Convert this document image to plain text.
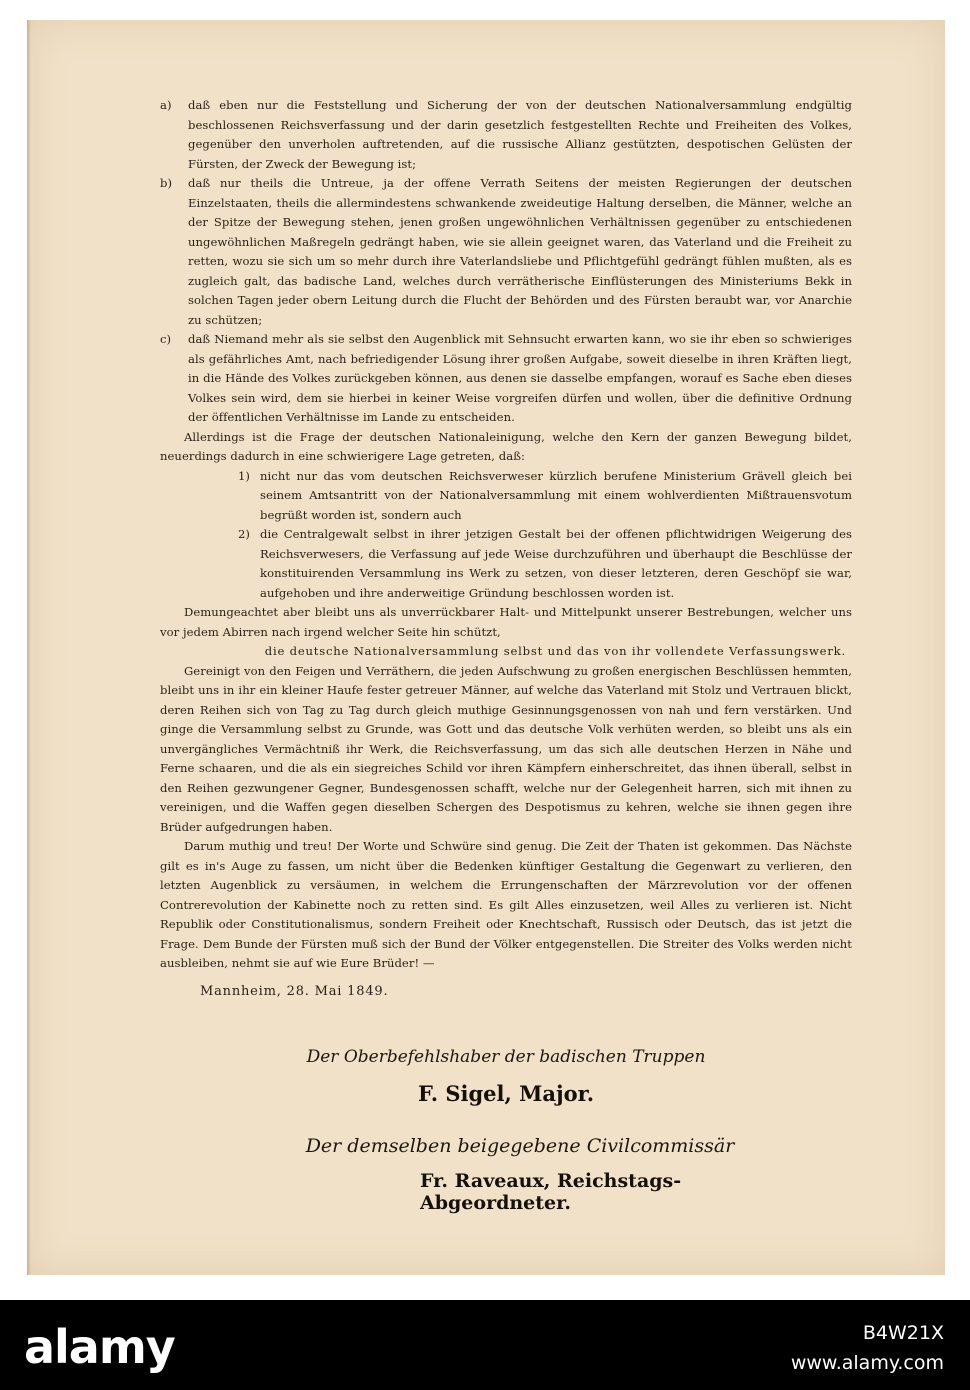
a) daß eben nur die Feststellung und Sicherung der von der deutschen Nationalversammlung endgültig beschlossenen Reichsverfassung und der darin gesetzlich festgestellten Rechte und Freiheiten des Volkes, gegenüber den unverholen auftretenden, auf die russische Allianz gestützten, despotischen Gelüsten der Fürsten, der Zweck der Bewegung ist;

b) daß nur theils die Untreue, ja der offene Verrath Seitens der meisten Regierungen der deutschen Einzelstaaten, theils die allermindestens schwankende zweideutige Haltung derselben, die Männer, welche an der Spitze der Bewegung stehen, jenen großen ungewöhnlichen Verhältnissen gegenüber zu entschiedenen ungewöhnlichen Maßregeln gedrängt haben, wie sie allein geeignet waren, das Vaterland und die Freiheit zu retten, wozu sie sich um so mehr durch ihre Vaterlandsliebe und Pflichtgefühl gedrängt fühlen mußten, als es zugleich galt, das badische Land, welches durch verrätherische Einflüsterungen des Ministeriums Bekk in solchen Tagen jeder obern Leitung durch die Flucht der Behörden und des Fürsten beraubt war, vor Anarchie zu schützen;

c) daß Niemand mehr als sie selbst den Augenblick mit Sehnsucht erwarten kann, wo sie ihr eben so schwieriges als gefährliches Amt, nach befriedigender Lösung ihrer großen Aufgabe, soweit dieselbe in ihren Kräften liegt, in die Hände des Volkes zurückgeben können, aus denen sie dasselbe empfangen, worauf es Sache eben dieses Volkes sein wird, dem sie hierbei in keiner Weise vorgreifen dürfen und wollen, über die definitive Ordnung der öffentlichen Verhältnisse im Lande zu entscheiden.

Allerdings ist die Frage der deutschen Nationaleinigung, welche den Kern der ganzen Bewegung bildet, neuerdings dadurch in eine schwierigere Lage getreten, daß:

1) nicht nur das vom deutschen Reichsverweser kürzlich berufene Ministerium Grävell gleich bei seinem Amtsantritt von der Nationalversammlung mit einem wohlverdienten Mißtrauensvotum begrüßt worden ist, sondern auch

2) die Centralgewalt selbst in ihrer jetzigen Gestalt bei der offenen pflichtwidrigen Weigerung des Reichsverwesers, die Verfassung auf jede Weise durchzuführen und überhaupt die Beschlüsse der konstituirenden Versammlung ins Werk zu setzen, von dieser letzteren, deren Geschöpf sie war, aufgehoben und ihre anderweitige Gründung beschlossen worden ist.

Demungeachtet aber bleibt uns als unverrückbarer Halt- und Mittelpunkt unserer Bestrebungen, welcher uns vor jedem Abirren nach irgend welcher Seite hin schützt,

die deutsche Nationalversammlung selbst und das von ihr vollendete Verfassungswerk.

Gereinigt von den Feigen und Verräthern, die jeden Aufschwung zu großen energischen Beschlüssen hemmten, bleibt uns in ihr ein kleiner Haufe fester getreuer Männer, auf welche das Vaterland mit Stolz und Vertrauen blickt, deren Reihen sich von Tag zu Tag durch gleich muthige Gesinnungsgenossen von nah und fern verstärken. Und ginge die Versammlung selbst zu Grunde, was Gott und das deutsche Volk verhüten werden, so bleibt uns als ein unvergängliches Vermächtniß ihr Werk, die Reichsverfassung, um das sich alle deutschen Herzen in Nähe und Ferne schaaren, und die als ein siegreiches Schild vor ihren Kämpfern einherschreitet, das ihnen überall, selbst in den Reihen gezwungener Gegner, Bundesgenossen schafft, welche nur der Gelegenheit harren, sich mit ihnen zu vereinigen, und die Waffen gegen dieselben Schergen des Despotismus zu kehren, welche sie ihnen gegen ihre Brüder aufgedrungen haben.

Darum muthig und treu! Der Worte und Schwüre sind genug. Die Zeit der Thaten ist gekommen. Das Nächste gilt es in's Auge zu fassen, um nicht über die Bedenken künftiger Gestaltung die Gegenwart zu verlieren, den letzten Augenblick zu versäumen, in welchem die Errungenschaften der Märzrevolution vor der offenen Contrerevolution der Kabinette noch zu retten sind. Es gilt Alles einzusetzen, weil Alles zu verlieren ist. Nicht Republik oder Constitutionalismus, sondern Freiheit oder Knechtschaft, Russisch oder Deutsch, das ist jetzt die Frage. Dem Bunde der Fürsten muß sich der Bund der Völker entgegenstellen. Die Streiter des Volks werden nicht ausbleiben, nehmt sie auf wie Eure Brüder! —

Mannheim, 28. Mai 1849.
Der Oberbefehlshaber der badischen Truppen
F. Sigel, Major.
Der demselben beigegebene Civilcommissär
Fr. Raveaux, Reichstags-Abgeordneter.
alamy	B4W21X
www.alamy.com
